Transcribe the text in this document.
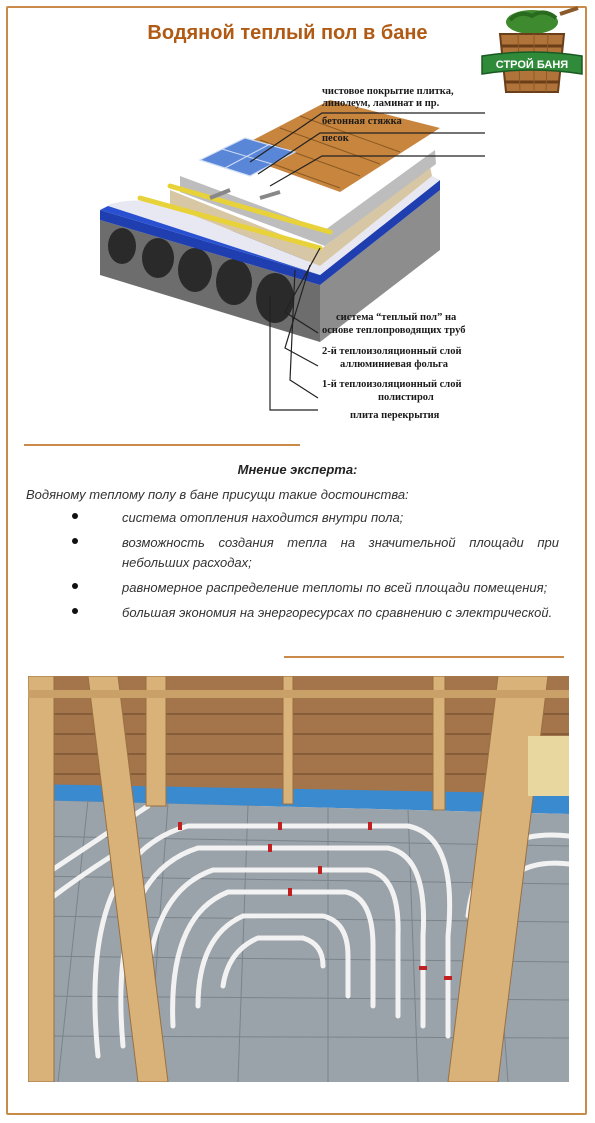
Водяной теплый пол в бане
СТРОЙ БАНЯ
чистовое покрытие плитка,
линолеум, ламинат и пр.
бетонная стяжка
песок
система “теплый пол” на
основе теплопроводящих труб
2-й теплоизоляционный слой
аллюминиевая фольга
1-й теплоизоляционный слой
полистирол
плита перекрытия
Мнение эксперта:
Водяному теплому полу в бане присущи такие достоинства:
система отопления находится внутри пола;
возможность создания тепла на значительной площади при небольших расходах;
равномерное распределение теплоты по всей площади помещения;
большая экономия на энергоресурсах по сравнению с электрической.
